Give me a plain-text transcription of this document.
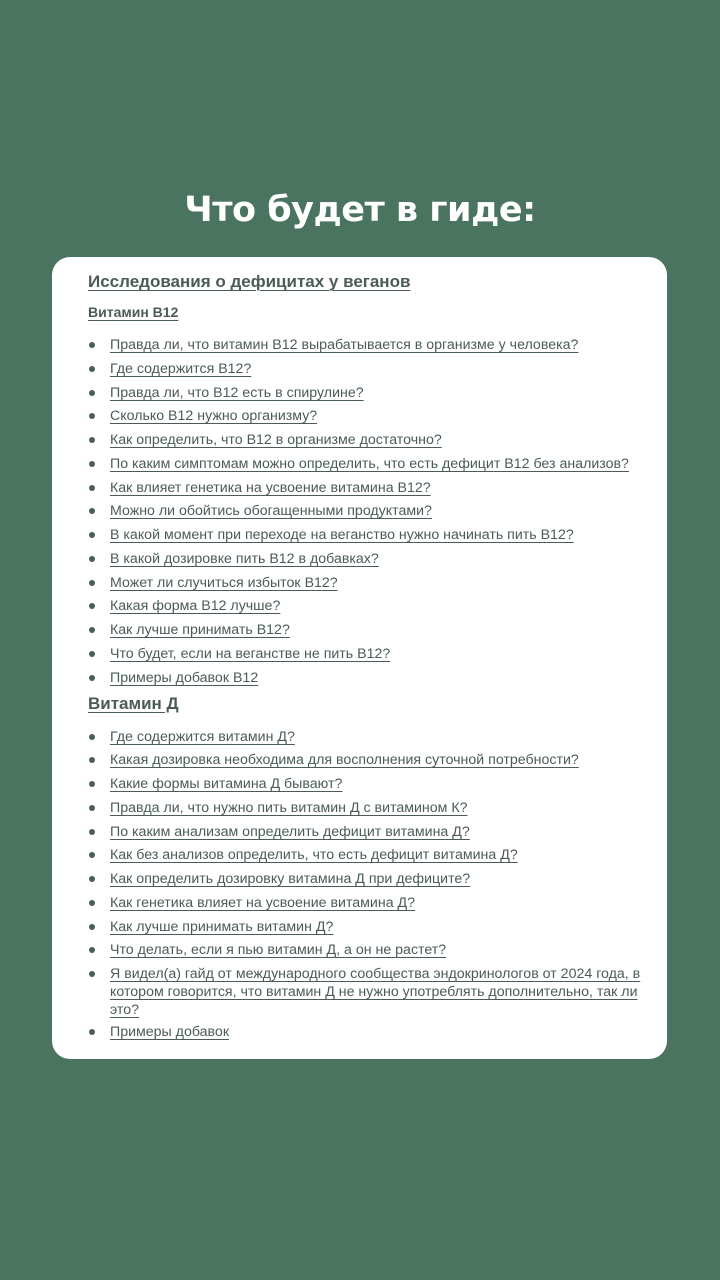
Что будет в гиде:
Исследования о дефицитах у веганов
Витамин B12
Правда ли, что витамин B12 вырабатывается в организме у человека?
Где содержится B12?
Правда ли, что B12 есть в спирулине?
Сколько B12 нужно организму?
Как определить, что B12 в организме достаточно?
По каким симптомам можно определить, что есть дефицит B12 без анализов?
Как влияет генетика на усвоение витамина B12?
Можно ли обойтись обогащенными продуктами?
В какой момент при переходе на веганство нужно начинать пить B12?
В какой дозировке пить B12 в добавках?
Может ли случиться избыток B12?
Какая форма B12 лучше?
Как лучше принимать B12?
Что будет, если на веганстве не пить B12?
Примеры добавок B12
Витамин Д
Где содержится витамин Д?
Какая дозировка необходима для восполнения суточной потребности?
Какие формы витамина Д бывают?
Правда ли, что нужно пить витамин Д с витамином К?
По каким анализам определить дефицит витамина Д?
Как без анализов определить, что есть дефицит витамина Д?
Как определить дозировку витамина Д при дефиците?
Как генетика влияет на усвоение витамина Д?
Как лучше принимать витамин Д?
Что делать, если я пью витамин Д, а он не растет?
Я видел(а) гайд от международного сообщества эндокринологов от 2024 года, в котором говорится, что витамин Д не нужно употреблять дополнительно, так ли это?
Примеры добавок
